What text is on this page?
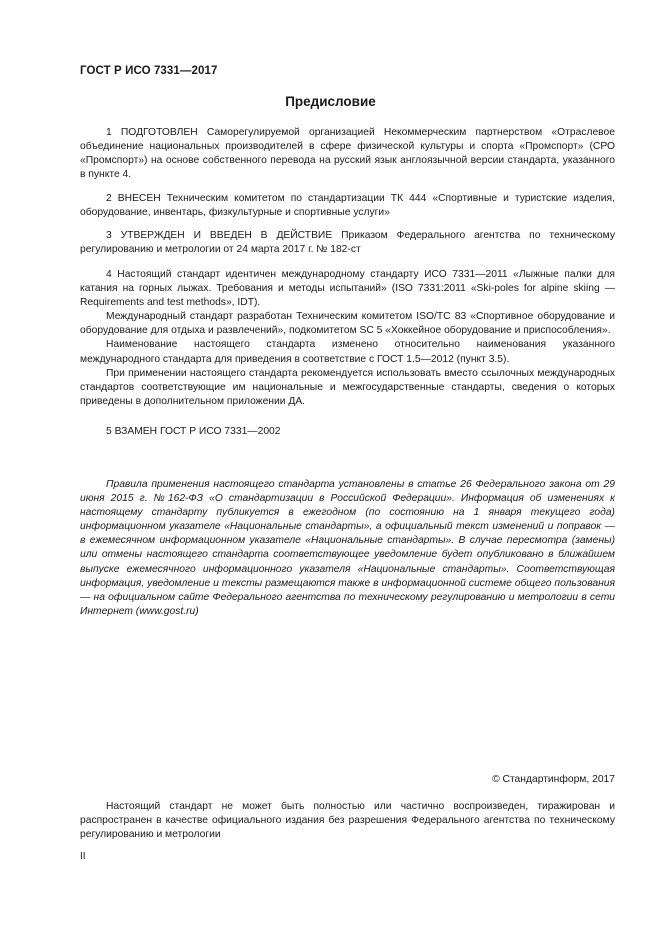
ГОСТ Р ИСО 7331—2017
Предисловие

1 ПОДГОТОВЛЕН Саморегулируемой организацией Некоммерческим партнерством «Отраслевое объединение национальных производителей в сфере физической культуры и спорта «Промспорт» (СРО «Промспорт») на основе собственного перевода на русский язык англоязычной версии стандарта, указанного в пункте 4.

2 ВНЕСЕН Техническим комитетом по стандартизации ТК 444 «Спортивные и туристские изделия, оборудование, инвентарь, физкультурные и спортивные услуги»

3 УТВЕРЖДЕН И ВВЕДЕН В ДЕЙСТВИЕ Приказом Федерального агентства по техническому регулированию и метрологии от 24 марта 2017 г. № 182-ст

4 Настоящий стандарт идентичен международному стандарту ИСО 7331—2011 «Лыжные палки для катания на горных лыжах. Требования и методы испытаний» (ISO 7331:2011 «Ski-poles for alpine skiing — Requirements and test methods», IDT).

Международный стандарт разработан Техническим комитетом ISO/TC 83 «Спортивное оборудование и оборудование для отдыха и развлечений», подкомитетом SC 5 «Хоккейное оборудование и приспособления».

Наименование настоящего стандарта изменено относительно наименования указанного международного стандарта для приведения в соответствие с ГОСТ 1.5—2012 (пункт 3.5).

При применении настоящего стандарта рекомендуется использовать вместо ссылочных международных стандартов соответствующие им национальные и межгосударственные стандарты, сведения о которых приведены в дополнительном приложении ДА.

5 ВЗАМЕН ГОСТ Р ИСО 7331—2002

Правила применения настоящего стандарта установлены в статье 26 Федерального закона от 29 июня 2015 г. №162-ФЗ «О стандартизации в Российской Федерации». Информация об изменениях к настоящему стандарту публикуется в ежегодном (по состоянию на 1 января текущего года) информационном указателе «Национальные стандарты», а официальный текст изменений и поправок — в ежемесячном информационном указателе «Национальные стандарты». В случае пересмотра (замены) или отмены настоящего стандарта соответствующее уведомление будет опубликовано в ближайшем выпуске ежемесячного информационного указателя «Национальные стандарты». Соответствующая информация, уведомление и тексты размещаются также в информационной системе общего пользования — на официальном сайте Федерального агентства по техническому регулированию и метрологии в сети Интернет (www.gost.ru)

© Стандартинформ, 2017

Настоящий стандарт не может быть полностью или частично воспроизведен, тиражирован и распространен в качестве официального издания без разрешения Федерального агентства по техническому регулированию и метрологии

II
